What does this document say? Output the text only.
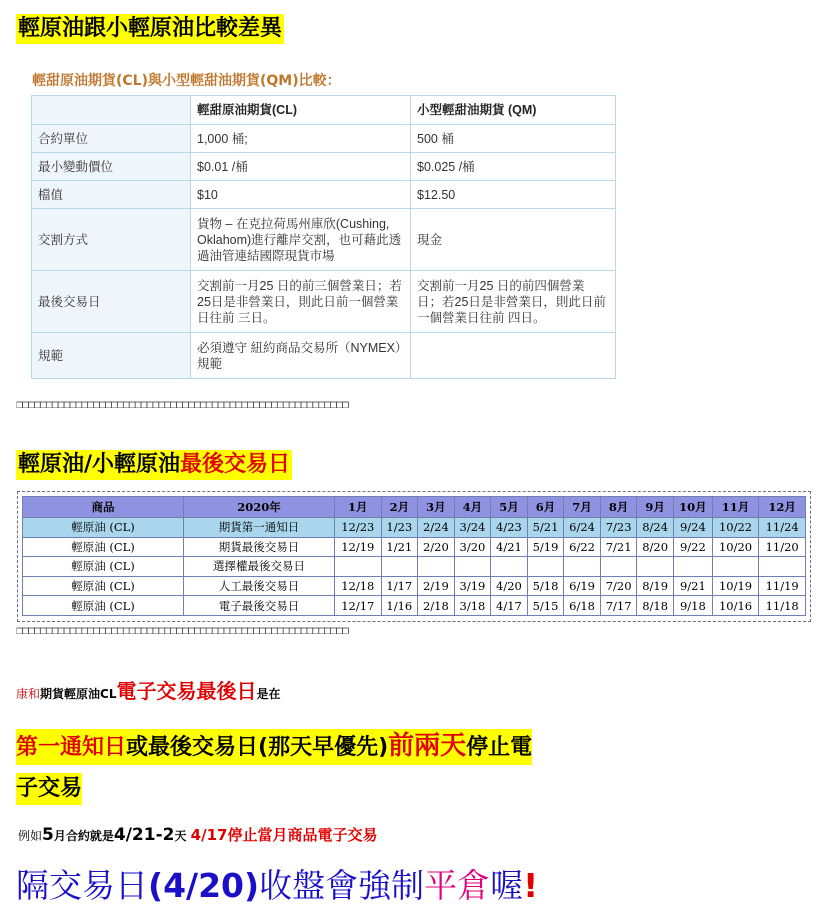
輕原油跟小輕原油比較差異
輕甜原油期貨(CL)與小型輕甜油期貨(QM)比較：
	輕甜原油期貨(CL)	小型輕甜油期貨 (QM)
合約單位	1,000 桶;	500 桶
最小變動價位	$0.01 /桶	$0.025 /桶
檔值	$10	$12.50
交割方式	貨物 – 在克拉荷馬州庫欣(Cushing, Oklahom)進行離岸交割，也可藉此透過油管連結國際現貨市場	現金
最後交易日	交割前一月25 日的前三個營業日；若25日是非營業日，則此日前一個營業日往前 三日。	交割前一月25 日的前四個營業日；若25日是非營業日，則此日前一個營業日往前 四日。
規範	必須遵守 紐約商品交易所（NYMEX）規範	
❐❐❐❐❐❐❐❐❐❐❐❐❐❐❐❐❐❐❐❐❐❐❐❐❐❐❐❐❐❐❐❐❐❐❐❐❐❐❐❐❐❐❐❐❐❐❐❐❐❐❐❐❐❐❐❐
輕原油/小輕原油最後交易日
商品	2020年	1月	2月	3月	4月	5月	6月	7月	8月	9月	10月	11月	12月
輕原油 (CL)	期貨第一通知日	12/23	1/23	2/24	3/24	4/23	5/21	6/24	7/23	8/24	9/24	10/22	11/24
輕原油 (CL)	期貨最後交易日	12/19	1/21	2/20	3/20	4/21	5/19	6/22	7/21	8/20	9/22	10/20	11/20
輕原油 (CL)	選擇權最後交易日												
輕原油 (CL)	人工最後交易日	12/18	1/17	2/19	3/19	4/20	5/18	6/19	7/20	8/19	9/21	10/19	11/19
輕原油 (CL)	電子最後交易日	12/17	1/16	2/18	3/18	4/17	5/15	6/18	7/17	8/18	9/18	10/16	11/18
❐❐❐❐❐❐❐❐❐❐❐❐❐❐❐❐❐❐❐❐❐❐❐❐❐❐❐❐❐❐❐❐❐❐❐❐❐❐❐❐❐❐❐❐❐❐❐❐❐❐❐❐❐❐❐❐
康和期貨輕原油CL電子交易最後日是在
第一通知日或最後交易日(那天早優先)前兩天停止電
子交易
例如5月合約就是4/21-2天 4/17停止當月商品電子交易
隔交易日(4/20)收盤會強制平倉喔!
